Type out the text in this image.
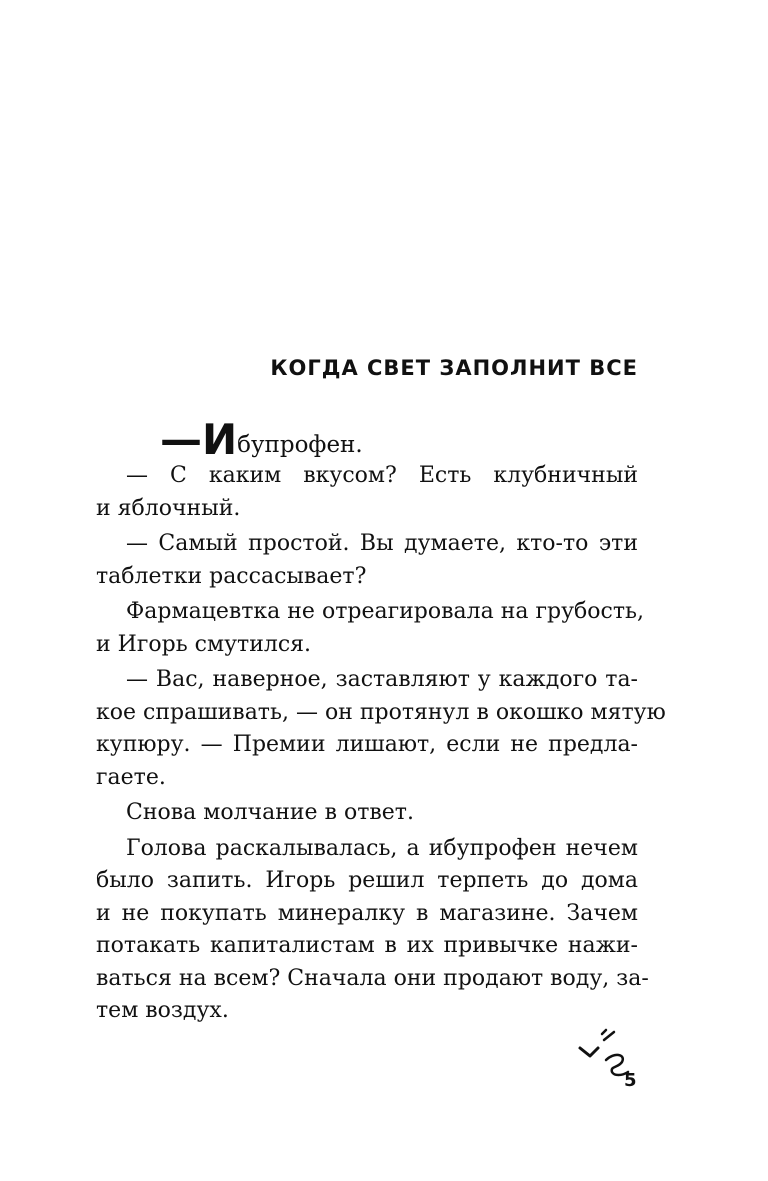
КОГДА СВЕТ ЗАПОЛНИТ ВСЕ
—Ибупрофен.
— С каким вкусом? Есть клубничный
и яблочный.
— Самый простой. Вы думаете, кто-то эти
таблетки рассасывает?
Фармацевтка не отреагировала на грубость,
и Игорь смутился.
— Вас, наверное, заставляют у каждого та-
кое спрашивать, — он протянул в окошко мятую
купюру. — Премии лишают, если не предла-
гаете.
Снова молчание в ответ.
Голова раскалывалась, а ибупрофен нечем
было запить. Игорь решил терпеть до дома
и не покупать минералку в магазине. Зачем
потакать капиталистам в их привычке нажи-
ваться на всем? Сначала они продают воду, за-
тем воздух.
5
